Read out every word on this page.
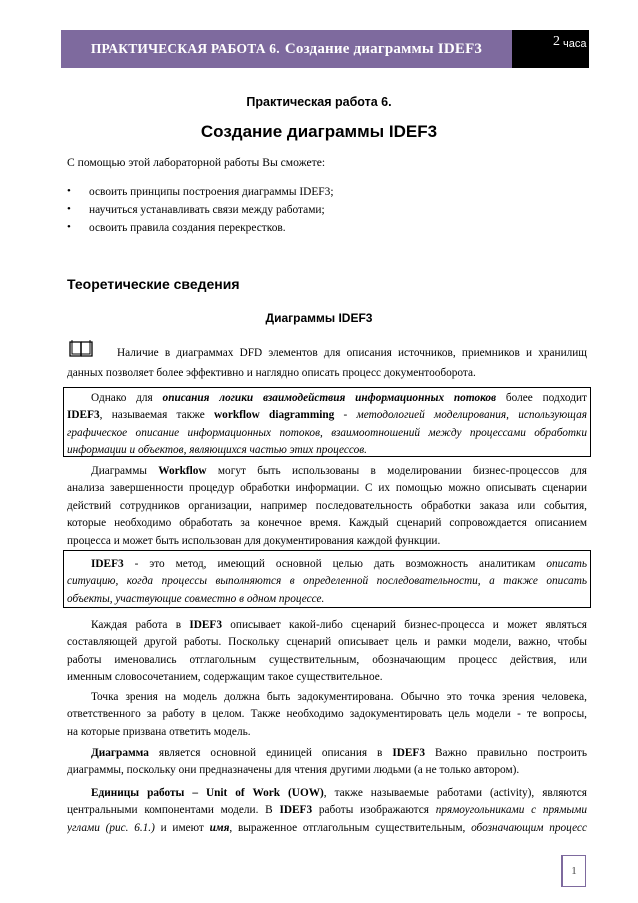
ПРАКТИЧЕСКАЯ РАБОТА 6. Создание диаграммы IDEF3	2 часа
Практическая работа 6.
Создание диаграммы IDEF3
С помощью этой лабораторной работы Вы сможете:
• освоить принципы построения диаграммы IDEF3;
• научиться устанавливать связи между работами;
• освоить правила создания перекрестков.
Теоретические сведения
Диаграммы IDEF3
Наличие в диаграммах DFD элементов для описания источников, приемников и хранилищ
данных позволяет более эффективно и наглядно описать процесс документооборота.
Однако для описания логики взаимодействия информационных потоков более подходит
IDEF3, называемая также workflow diagramming - методологией моделирования, использующая
графическое описание информационных потоков, взаимоотношений между процессами обработки
информации и объектов, являющихся частью этих процессов.
Диаграммы Workflow могут быть использованы в моделировании бизнес-процессов для
анализа завершенности процедур обработки информации. С их помощью можно описывать сценарии
действий сотрудников организации, например последовательность обработки заказа или события,
которые необходимо обработать за конечное время. Каждый сценарий сопровождается описанием
процесса и может быть использован для документирования каждой функции.
IDEF3 - это метод, имеющий основной целью дать возможность аналитикам описать
ситуацию, когда процессы выполняются в определенной последовательности, а также описать
объекты, участвующие совместно в одном процессе.
Каждая работа в IDEF3 описывает какой-либо сценарий бизнес-процесса и может являться
составляющей другой работы. Поскольку сценарий описывает цель и рамки модели, важно, чтобы
работы именовались отглагольным существительным, обозначающим процесс действия, или
именным словосочетанием, содержащим такое существительное.
Точка зрения на модель должна быть задокументирована. Обычно это точка зрения человека,
ответственного за работу в целом. Также необходимо задокументировать цель модели - те вопросы,
на которые призвана ответить модель.
Диаграмма является основной единицей описания в IDEF3 Важно правильно построить
диаграммы, поскольку они предназначены для чтения другими людьми (а не только автором).
Единицы работы – Unit of Work (UOW), также называемые работами (activity), являются
центральными компонентами модели. В IDEF3 работы изображаются прямоугольниками с прямыми
углами (рис. 6.1.) и имеют имя, выраженное отглагольным существительным, обозначающим процесс
1
